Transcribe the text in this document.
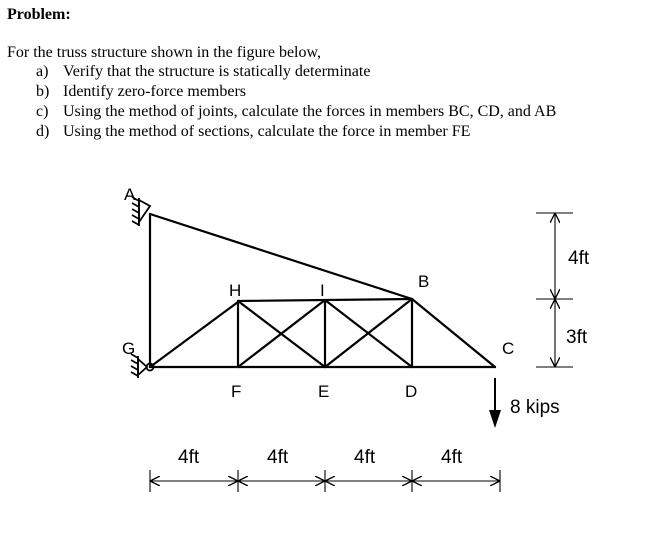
Problem:
For the truss structure shown in the figure below,
a) Verify that the structure is statically determinate
b) Identify zero-force members
c) Using the method of joints, calculate the forces in members BC, CD, and AB
d) Using the method of sections, calculate the force in member FE
A
G
H	I	B
C
F	E	D
8 kips
4ft	4ft	4ft	4ft
4ft
3ft
